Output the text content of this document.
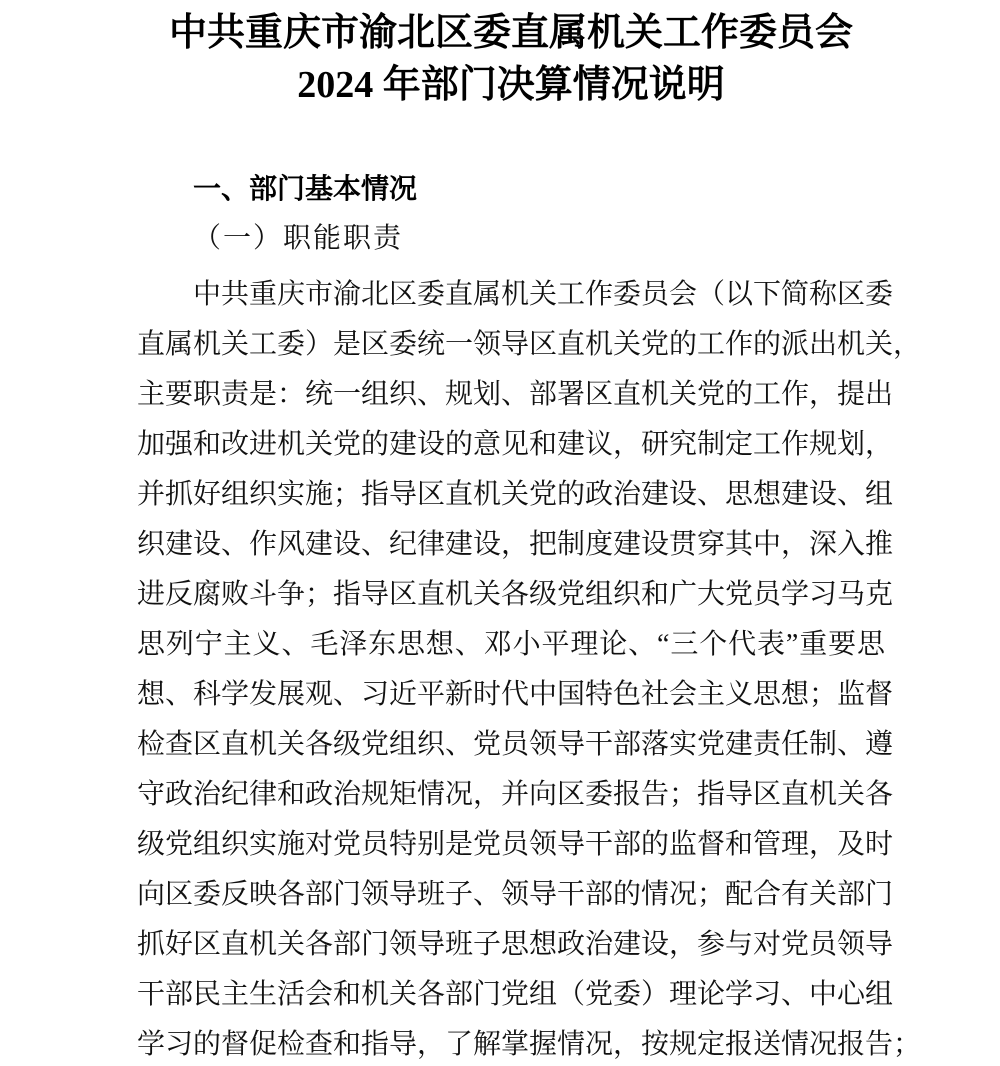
中共重庆市渝北区委直属机关工作委员会
2024 年部门决算情况说明
一、部门基本情况
（一）职能职责
中共重庆市渝北区委直属机关工作委员会（以下简称区委
直属机关工委）是区委统一领导区直机关党的工作的派出机关，
主要职责是：统一组织、规划、部署区直机关党的工作，提出
加强和改进机关党的建设的意见和建议，研究制定工作规划，
并抓好组织实施；指导区直机关党的政治建设、思想建设、组
织建设、作风建设、纪律建设，把制度建设贯穿其中，深入推
进反腐败斗争；指导区直机关各级党组织和广大党员学习马克
思列宁主义、毛泽东思想、邓小平理论、“三个代表”重要思
想、科学发展观、习近平新时代中国特色社会主义思想；监督
检查区直机关各级党组织、党员领导干部落实党建责任制、遵
守政治纪律和政治规矩情况，并向区委报告；指导区直机关各
级党组织实施对党员特别是党员领导干部的监督和管理，及时
向区委反映各部门领导班子、领导干部的情况；配合有关部门
抓好区直机关各部门领导班子思想政治建设，参与对党员领导
干部民主生活会和机关各部门党组（党委）理论学习、中心组
学习的督促检查和指导，了解掌握情况，按规定报送情况报告；
